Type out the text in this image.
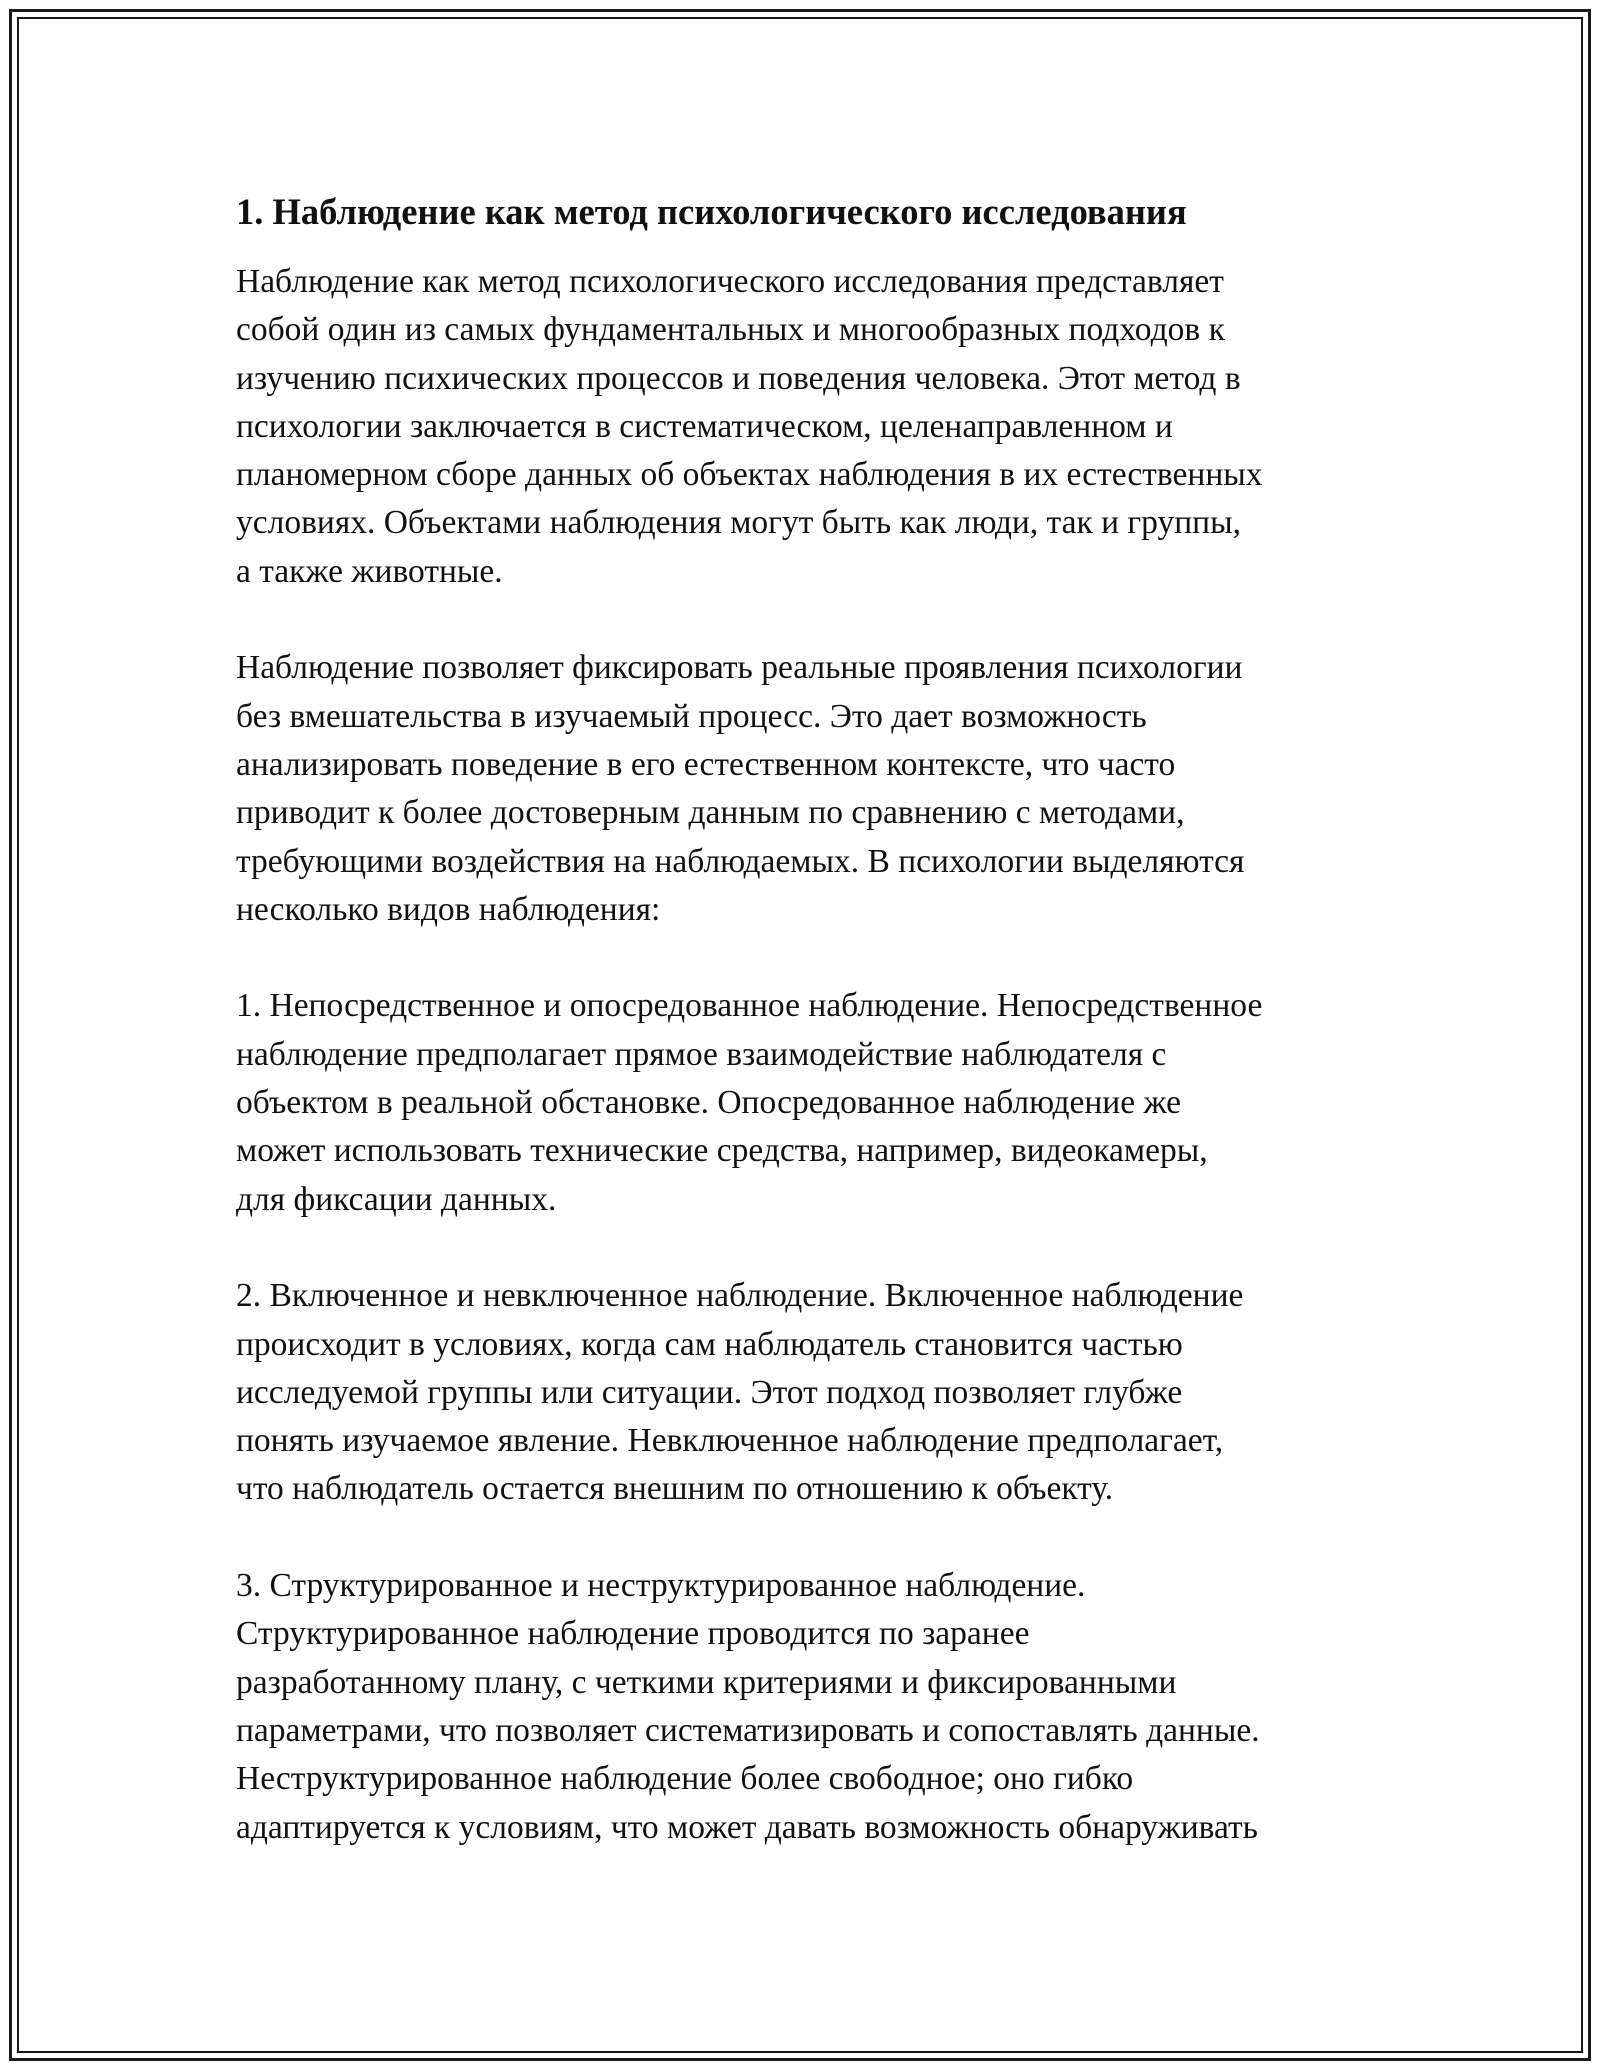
1. Наблюдение как метод психологического исследования
Наблюдение как метод психологического исследования представляет
собой один из самых фундаментальных и многообразных подходов к
изучению психических процессов и поведения человека. Этот метод в
психологии заключается в систематическом, целенаправленном и
планомерном сборе данных об объектах наблюдения в их естественных
условиях. Объектами наблюдения могут быть как люди, так и группы,
а также животные.
Наблюдение позволяет фиксировать реальные проявления психологии
без вмешательства в изучаемый процесс. Это дает возможность
анализировать поведение в его естественном контексте, что часто
приводит к более достоверным данным по сравнению с методами,
требующими воздействия на наблюдаемых. В психологии выделяются
несколько видов наблюдения:
1. Непосредственное и опосредованное наблюдение. Непосредственное
наблюдение предполагает прямое взаимодействие наблюдателя с
объектом в реальной обстановке. Опосредованное наблюдение же
может использовать технические средства, например, видеокамеры,
для фиксации данных.
2. Включенное и невключенное наблюдение. Включенное наблюдение
происходит в условиях, когда сам наблюдатель становится частью
исследуемой группы или ситуации. Этот подход позволяет глубже
понять изучаемое явление. Невключенное наблюдение предполагает,
что наблюдатель остается внешним по отношению к объекту.
3. Структурированное и неструктурированное наблюдение.
Структурированное наблюдение проводится по заранее
разработанному плану, с четкими критериями и фиксированными
параметрами, что позволяет систематизировать и сопоставлять данные.
Неструктурированное наблюдение более свободное; оно гибко
адаптируется к условиям, что может давать возможность обнаруживать
